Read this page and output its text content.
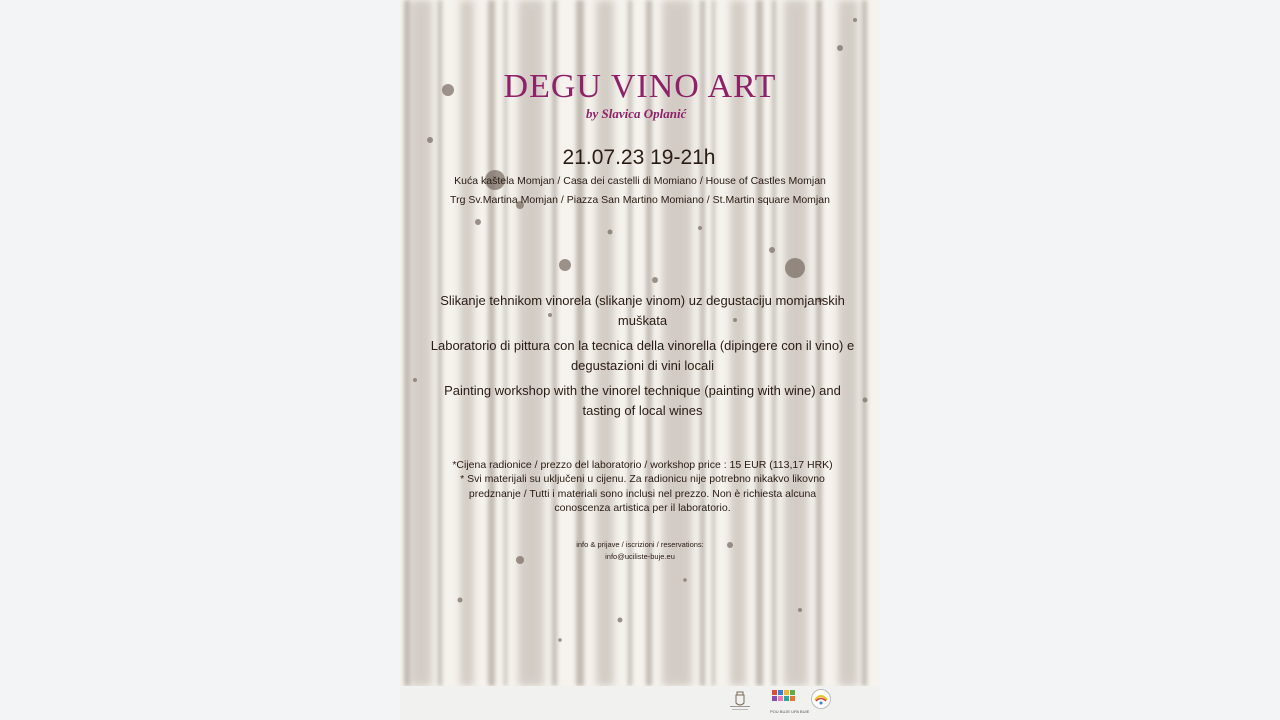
DEGU VINO ART
by Slavica Oplanić
21.07.23 19-21h
Kuća kaštela Momjan / Casa dei castelli di Momiano / House of Castles Momjan
Trg Sv.Martina Momjan / Piazza San Martino Momiano / St.Martin square Momjan
Slikanje tehnikom vinorela (slikanje vinom) uz degustaciju momjanskih muškata
Laboratorio di pittura con la tecnica della vinorella (dipingere con il vino) e degustazioni di vini locali
Painting workshop with the vinorel technique (painting with wine) and tasting of local wines
*Cijena radionice / prezzo del laboratorio / workshop price : 15 EUR (113,17 HRK)
* Svi materijali su uključeni u cijenu. Za radionicu nije potrebno nikakvo likovno predznanje / Tutti i materiali sono inclusi nel prezzo. Non è richiesta alcuna conoscenza artistica per il laboratorio.
info & prijave / iscrizioni / reservations:
info@uciliste-buje.eu
POU BUJE UPA BUIE
